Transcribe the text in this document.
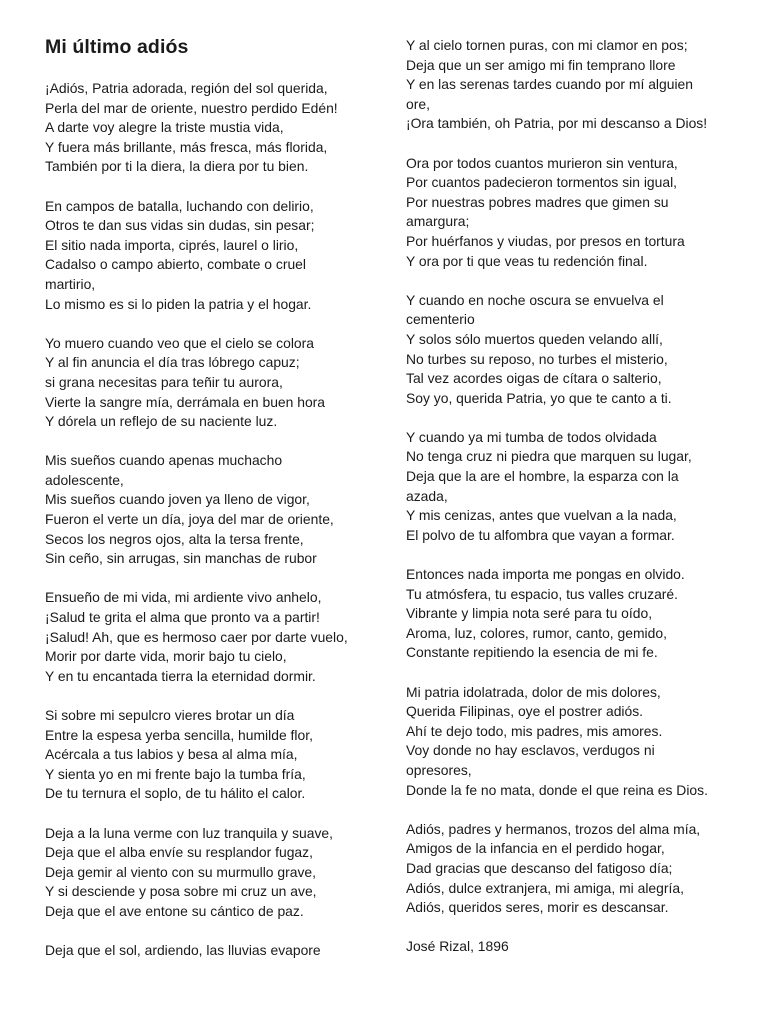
Mi último adiós
¡Adiós, Patria adorada, región del sol querida,
Perla del mar de oriente, nuestro perdido Edén!
A darte voy alegre la triste mustia vida,
Y fuera más brillante, más fresca, más florida,
También por ti la diera, la diera por tu bien.
En campos de batalla, luchando con delirio,
Otros te dan sus vidas sin dudas, sin pesar;
El sitio nada importa, ciprés, laurel o lirio,
Cadalso o campo abierto, combate o cruel
martirio,
Lo mismo es si lo piden la patria y el hogar.
Yo muero cuando veo que el cielo se colora
Y al fin anuncia el día tras lóbrego capuz;
si grana necesitas para teñir tu aurora,
Vierte la sangre mía, derrámala en buen hora
Y dórela un reflejo de su naciente luz.
Mis sueños cuando apenas muchacho
adolescente,
Mis sueños cuando joven ya lleno de vigor,
Fueron el verte un día, joya del mar de oriente,
Secos los negros ojos, alta la tersa frente,
Sin ceño, sin arrugas, sin manchas de rubor
Ensueño de mi vida, mi ardiente vivo anhelo,
¡Salud te grita el alma que pronto va a partir!
¡Salud! Ah, que es hermoso caer por darte vuelo,
Morir por darte vida, morir bajo tu cielo,
Y en tu encantada tierra la eternidad dormir.
Si sobre mi sepulcro vieres brotar un día
Entre la espesa yerba sencilla, humilde flor,
Acércala a tus labios y besa al alma mía,
Y sienta yo en mi frente bajo la tumba fría,
De tu ternura el soplo, de tu hálito el calor.
Deja a la luna verme con luz tranquila y suave,
Deja que el alba envíe su resplandor fugaz,
Deja gemir al viento con su murmullo grave,
Y si desciende y posa sobre mi cruz un ave,
Deja que el ave entone su cántico de paz.
Deja que el sol, ardiendo, las lluvias evapore
Y al cielo tornen puras, con mi clamor en pos;
Deja que un ser amigo mi fin temprano llore
Y en las serenas tardes cuando por mí alguien
ore,
¡Ora también, oh Patria, por mi descanso a Dios!
Ora por todos cuantos murieron sin ventura,
Por cuantos padecieron tormentos sin igual,
Por nuestras pobres madres que gimen su
amargura;
Por huérfanos y viudas, por presos en tortura
Y ora por ti que veas tu redención final.
Y cuando en noche oscura se envuelva el
cementerio
Y solos sólo muertos queden velando allí,
No turbes su reposo, no turbes el misterio,
Tal vez acordes oigas de cítara o salterio,
Soy yo, querida Patria, yo que te canto a ti.
Y cuando ya mi tumba de todos olvidada
No tenga cruz ni piedra que marquen su lugar,
Deja que la are el hombre, la esparza con la
azada,
Y mis cenizas, antes que vuelvan a la nada,
El polvo de tu alfombra que vayan a formar.
Entonces nada importa me pongas en olvido.
Tu atmósfera, tu espacio, tus valles cruzaré.
Vibrante y limpia nota seré para tu oído,
Aroma, luz, colores, rumor, canto, gemido,
Constante repitiendo la esencia de mi fe.
Mi patria idolatrada, dolor de mis dolores,
Querida Filipinas, oye el postrer adiós.
Ahí te dejo todo, mis padres, mis amores.
Voy donde no hay esclavos, verdugos ni
opresores,
Donde la fe no mata, donde el que reina es Dios.
Adiós, padres y hermanos, trozos del alma mía,
Amigos de la infancia en el perdido hogar,
Dad gracias que descanso del fatigoso día;
Adiós, dulce extranjera, mi amiga, mi alegría,
Adiós, queridos seres, morir es descansar.
José Rizal, 1896
